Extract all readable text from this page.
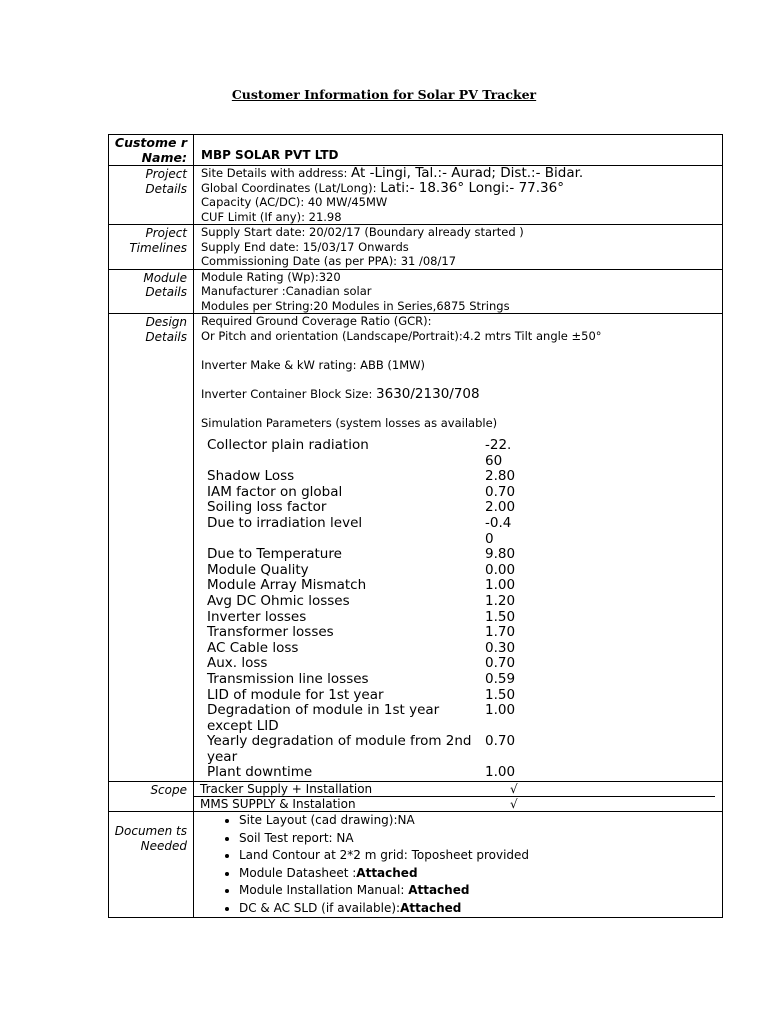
Customer Information for Solar PV Tracker
Custome r Name:	MBP SOLAR PVT LTD

Project Details	
Site Details with address: At -Lingi, Tal.:- Aurad; Dist.:- Bidar.
Global Coordinates (Lat/Long): Lati:- 18.36° Longi:- 77.36°
Capacity (AC/DC): 40 MW/45MW
CUF Limit (If any): 21.98

Project Timelines	
Supply Start date: 20/02/17 (Boundary already started )
Supply End date: 15/03/17 Onwards
Commissioning Date (as per PPA): 31 /08/17

Module Details	
Module Rating (Wp):320
Manufacturer :Canadian solar
Modules per String:20 Modules in Series,6875 Strings

Design Details	
Required Ground Coverage Ratio (GCR):
Or Pitch and orientation (Landscape/Portrait):4.2 mtrs Tilt angle ±50°
Inverter Make & kW rating: ABB (1MW)
Inverter Container Block Size: 3630/2130/708
Simulation Parameters (system losses as available)
Collector plain radiation	-22.60
Shadow Loss	2.80
IAM factor on global	0.70
Soiling loss factor	2.00
Due to irradiation level	-0.40
Due to Temperature	9.80
Module Quality	0.00
Module Array Mismatch	1.00
Avg DC Ohmic losses	1.20
Inverter losses	1.50
Transformer losses	1.70
AC Cable loss	0.30
Aux. loss	0.70
Transmission line losses	0.59
LID of module for 1st year	1.50
Degradation of module in 1st year except LID	1.00
Yearly degradation of module from 2nd year	0.70
Plant downtime	1.00

Scope	Tracker Supply + Installation	√
MMS SUPPLY & Instalation	√

Documen ts Needed	
• Site Layout (cad drawing):NA
• Soil Test report: NA
• Land Contour at 2*2 m grid: Toposheet provided
• Module Datasheet :Attached
• Module Installation Manual: Attached
• DC & AC SLD (if available):Attached
